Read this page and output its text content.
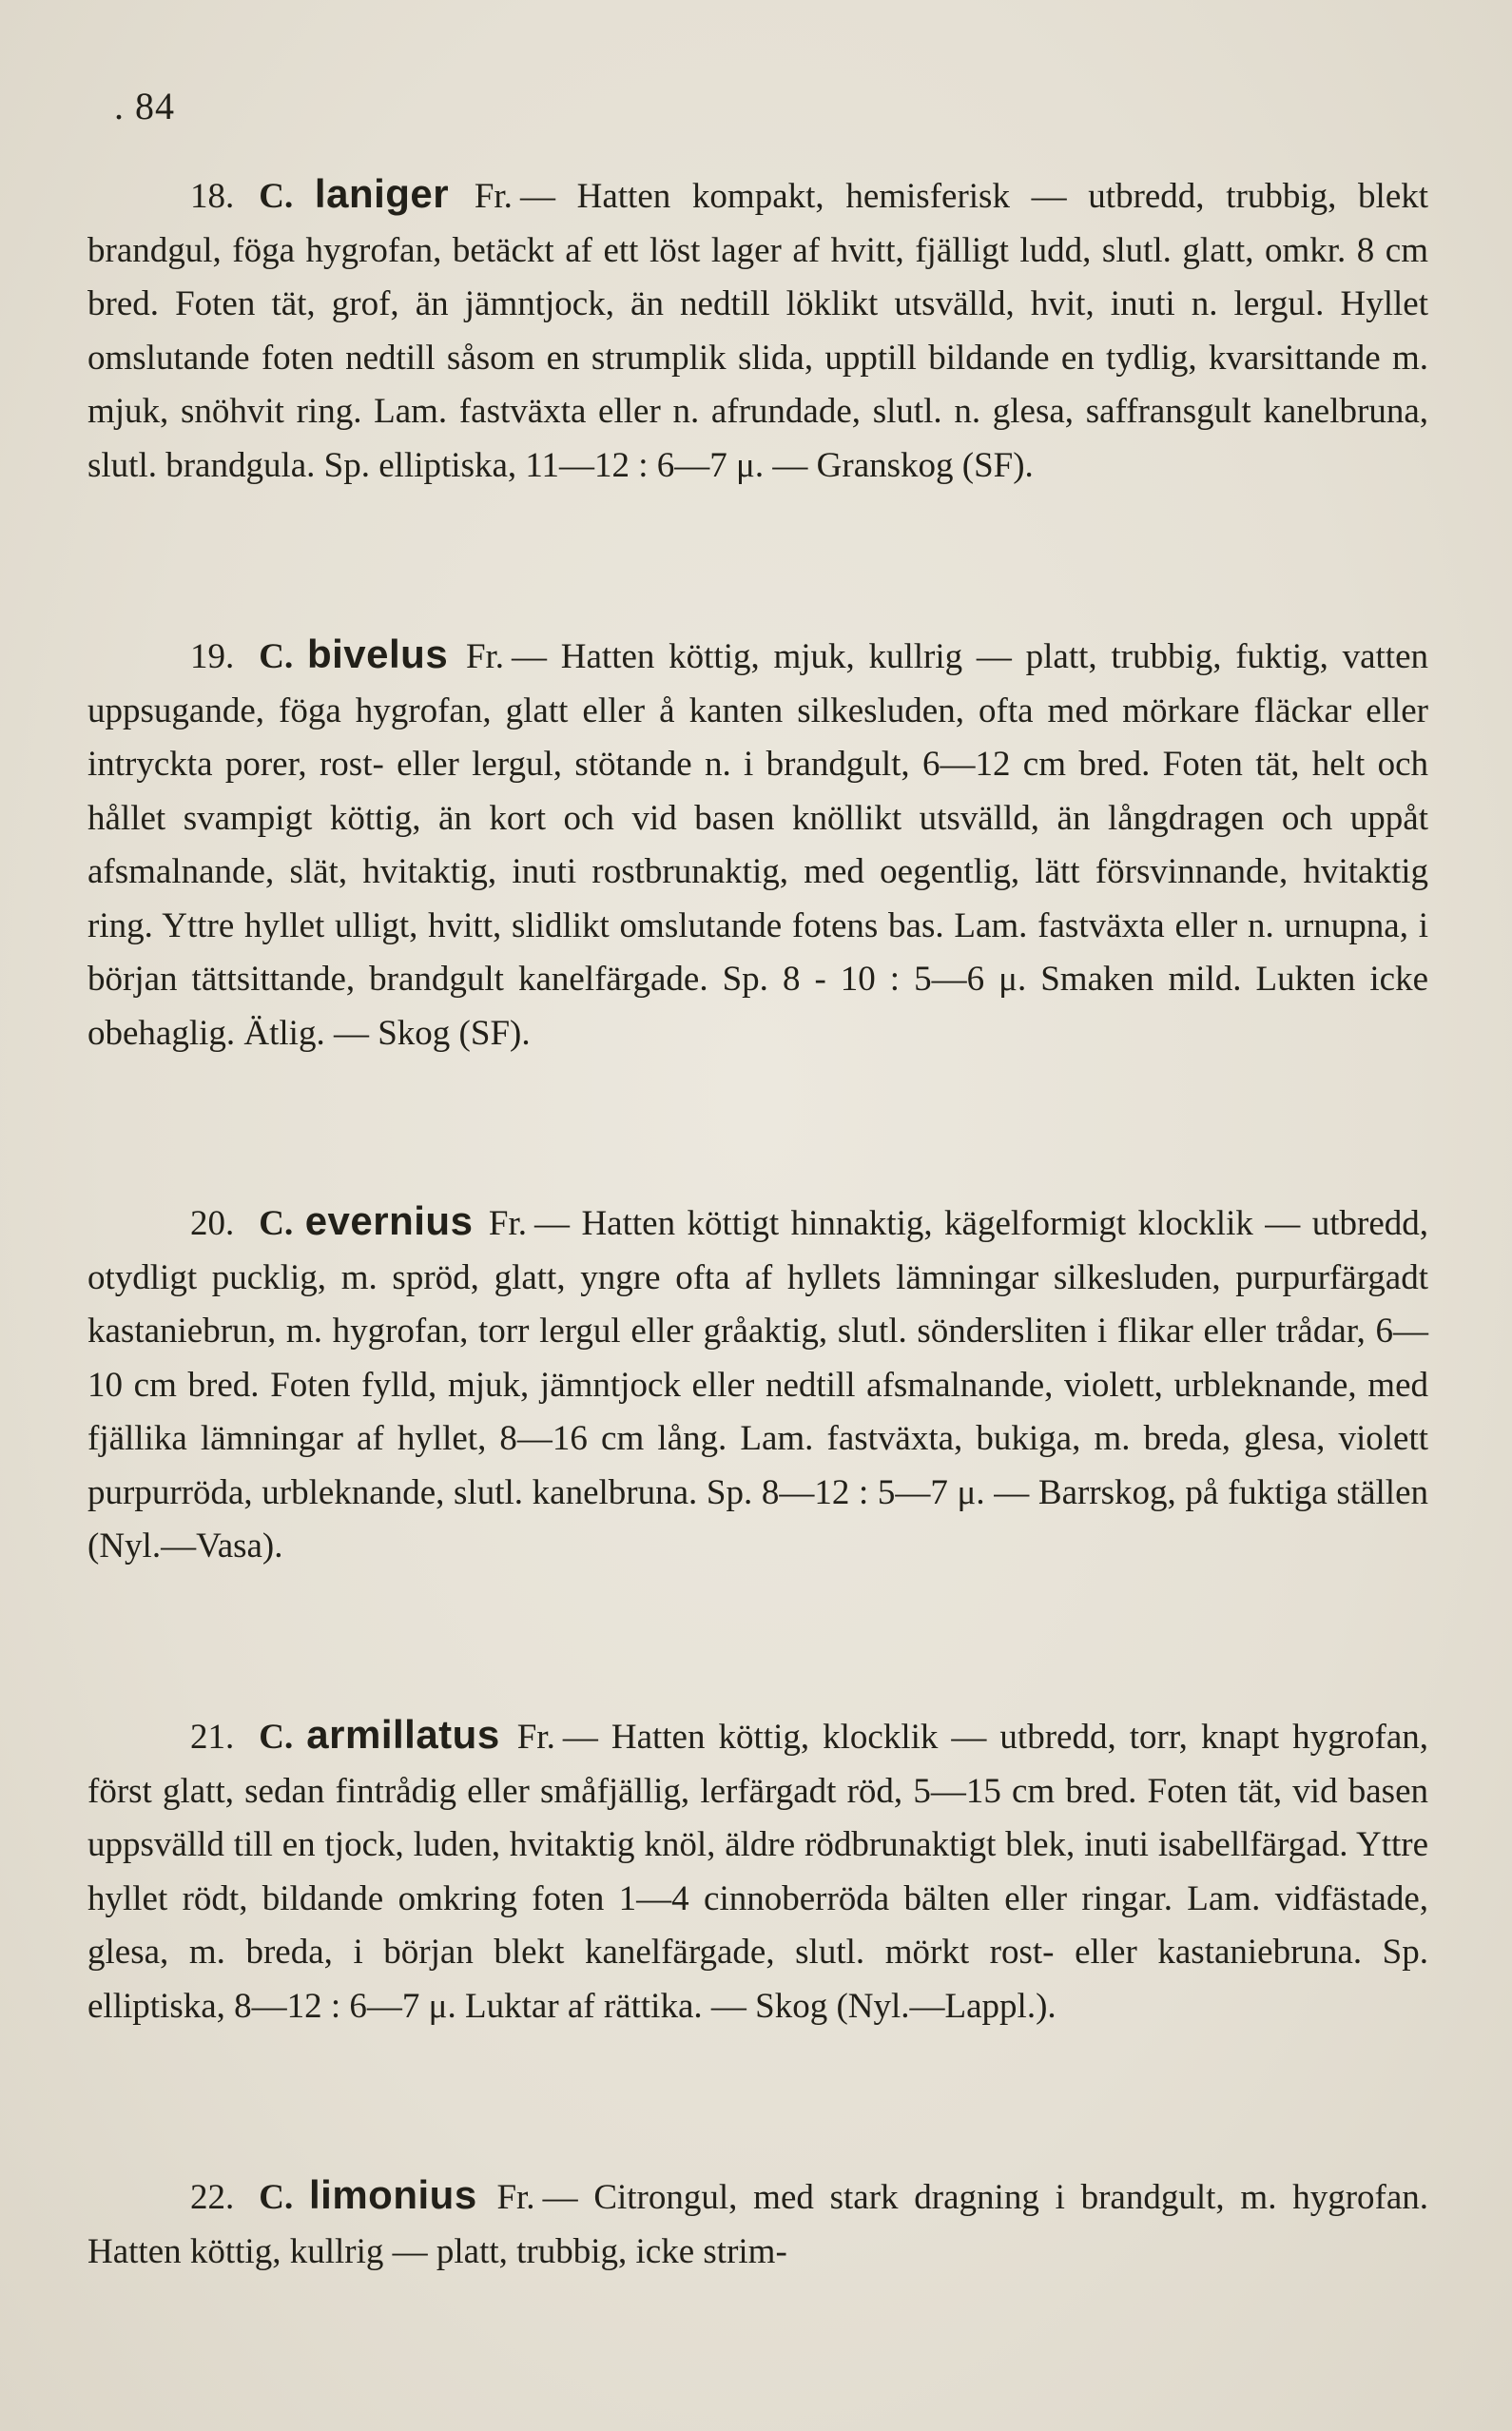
. 84
18. C. laniger Fr. — Hatten kompakt, hemisferisk — utbredd, trubbig, blekt brandgul, föga hygrofan, betäckt af ett löst lager af hvitt, fjälligt ludd, slutl. glatt, omkr. 8 cm bred. Foten tät, grof, än jämntjock, än nedtill löklikt utsvälld, hvit, inuti n. lergul. Hyllet omslutande foten nedtill såsom en strumplik slida, upptill bildande en tydlig, kvarsittande m. mjuk, snöhvit ring. Lam. fastväxta eller n. afrundade, slutl. n. glesa, saffransgult kanelbruna, slutl. brandgula. Sp. elliptiska, 11—12 : 6—7 μ. — Granskog (SF).
19. C. bivelus Fr. — Hatten köttig, mjuk, kullrig — platt, trubbig, fuktig, vatten uppsugande, föga hygrofan, glatt eller å kanten silkesluden, ofta med mörkare fläckar eller intryckta porer, rost- eller lergul, stötande n. i brandgult, 6—12 cm bred. Foten tät, helt och hållet svampigt köttig, än kort och vid basen knöllikt utsvälld, än långdragen och uppåt afsmalnande, slät, hvitaktig, inuti rostbrunaktig, med oegentlig, lätt försvinnande, hvitaktig ring. Yttre hyllet ulligt, hvitt, slidlikt omslutande fotens bas. Lam. fastväxta eller n. urnupna, i början tättsittande, brandgult kanelfärgade. Sp. 8 - 10 : 5—6 μ. Smaken mild. Lukten icke obehaglig. Ätlig. — Skog (SF).
20. C. evernius Fr. — Hatten köttigt hinnaktig, kägelformigt klocklik — utbredd, otydligt pucklig, m. spröd, glatt, yngre ofta af hyllets lämningar silkesluden, purpurfärgadt kastaniebrun, m. hygrofan, torr lergul eller gråaktig, slutl. söndersliten i flikar eller trådar, 6—10 cm bred. Foten fylld, mjuk, jämntjock eller nedtill afsmalnande, violett, urbleknande, med fjällika lämningar af hyllet, 8—16 cm lång. Lam. fastväxta, bukiga, m. breda, glesa, violett purpurröda, urbleknande, slutl. kanelbruna. Sp. 8—12 : 5—7 μ. — Barrskog, på fuktiga ställen (Nyl.—Vasa).
21. C. armillatus Fr. — Hatten köttig, klocklik — utbredd, torr, knapt hygrofan, först glatt, sedan fintrådig eller småfjällig, lerfärgadt röd, 5—15 cm bred. Foten tät, vid basen uppsvälld till en tjock, luden, hvitaktig knöl, äldre rödbrunaktigt blek, inuti isabellfärgad. Yttre hyllet rödt, bildande omkring foten 1—4 cinnoberröda bälten eller ringar. Lam. vidfästade, glesa, m. breda, i början blekt kanelfärgade, slutl. mörkt rost- eller kastaniebruna. Sp. elliptiska, 8—12 : 6—7 μ. Luktar af rättika. — Skog (Nyl.—Lappl.).
22. C. limonius Fr. — Citrongul, med stark dragning i brandgult, m. hygrofan. Hatten köttig, kullrig — platt, trubbig, icke strim-
